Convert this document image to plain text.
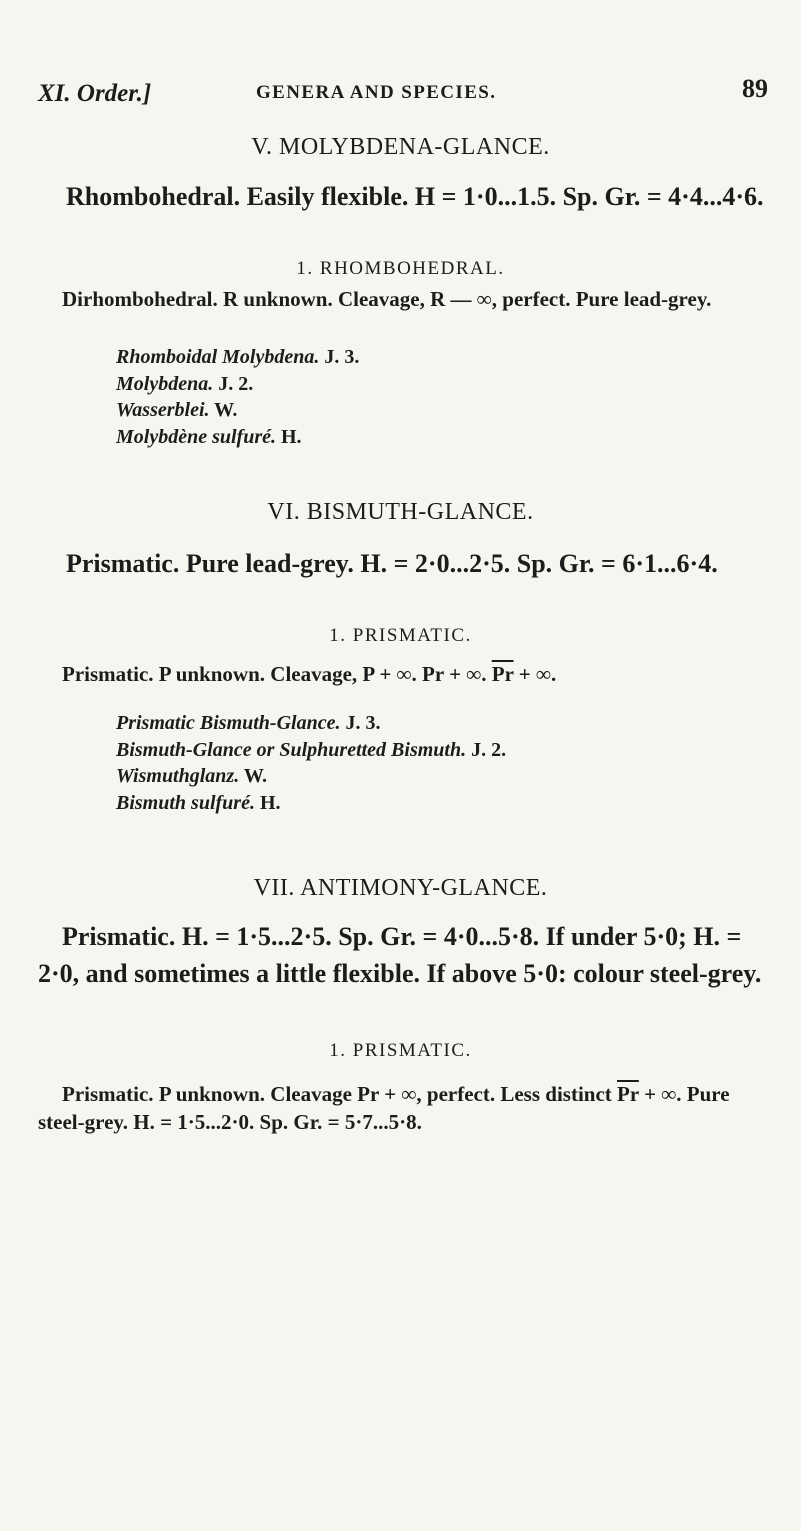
XI. Order.]	GENERA AND SPECIES.	89
V. MOLYBDENA-GLANCE.
Rhombohedral. Easily flexible. H = 1·0...1.5. Sp. Gr. = 4·4...4·6.
1. RHOMBOHEDRAL.
Dirhombohedral. R unknown. Cleavage, R — ∞, perfect. Pure lead-grey.
Rhomboidal Molybdena. J. 3.
Molybdena. J. 2.
Wasserblei. W.
Molybdène sulfuré. H.
VI. BISMUTH-GLANCE.
Prismatic. Pure lead-grey. H. = 2·0...2·5. Sp. Gr. = 6·1...6·4.
1. PRISMATIC.
Prismatic. P unknown. Cleavage, P + ∞. Pr + ∞. $\overline{Pr}$ + ∞.
Prismatic Bismuth-Glance. J. 3.
Bismuth-Glance or Sulphuretted Bismuth. J. 2.
Wismuthglanz. W.
Bismuth sulfuré. H.
VII. ANTIMONY-GLANCE.
Prismatic. H. = 1·5...2·5. Sp. Gr. = 4·0...5·8. If under 5·0; H. = 2·0, and sometimes a little flexible. If above 5·0: colour steel-grey.
1. PRISMATIC.
Prismatic. P unknown. Cleavage Pr + ∞, perfect. Less distinct $\overline{Pr}$ + ∞. Pure steel-grey. H. = 1·5...2·0. Sp. Gr. = 5·7...5·8.
